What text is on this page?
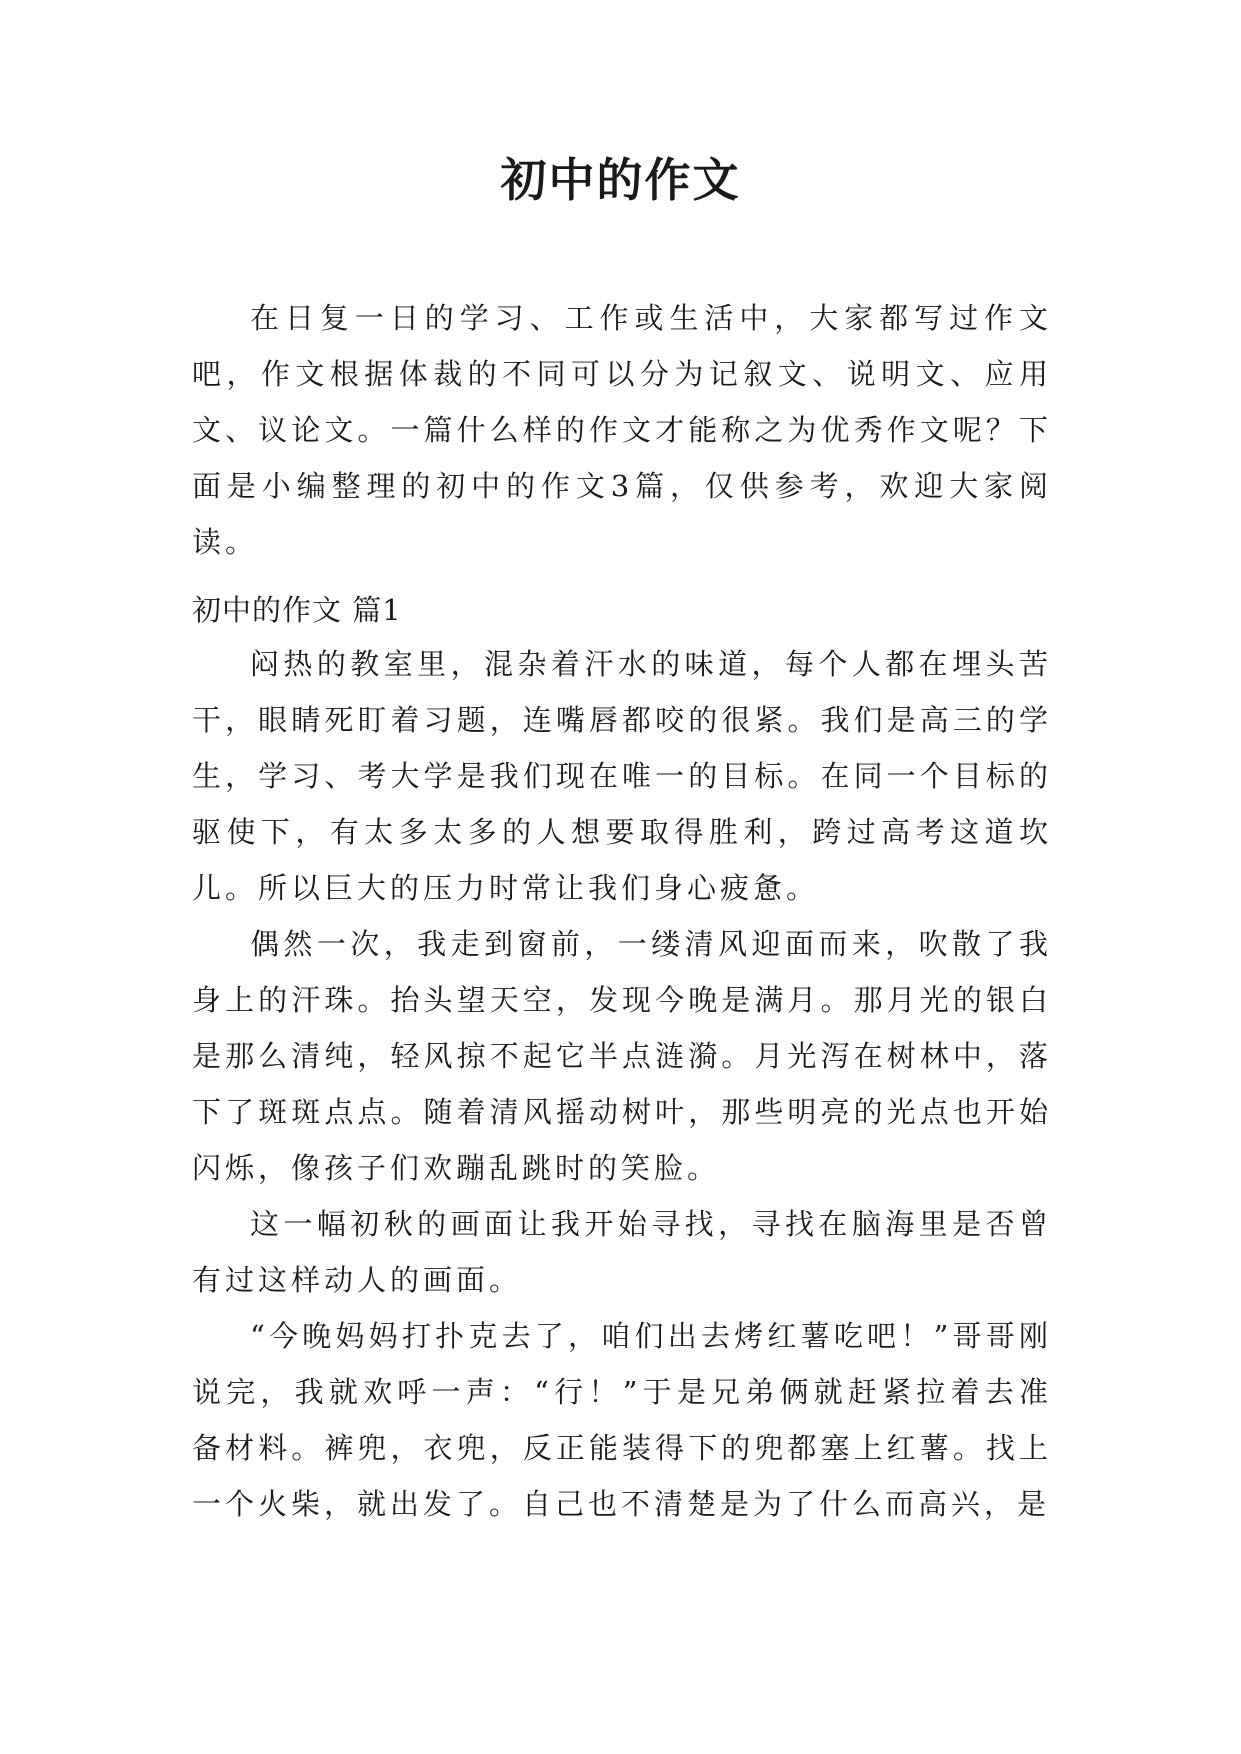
初中的作文

在日复一日的学习、工作或生活中，大家都写过作文吧，作文根据体裁的不同可以分为记叙文、说明文、应用文、议论文。一篇什么样的作文才能称之为优秀作文呢？下面是小编整理的初中的作文3篇，仅供参考，欢迎大家阅读。

初中的作文 篇1

闷热的教室里，混杂着汗水的味道，每个人都在埋头苦干，眼睛死盯着习题，连嘴唇都咬的很紧。我们是高三的学生，学习、考大学是我们现在唯一的目标。在同一个目标的驱使下，有太多太多的人想要取得胜利，跨过高考这道坎儿。所以巨大的压力时常让我们身心疲惫。

偶然一次，我走到窗前，一缕清风迎面而来，吹散了我身上的汗珠。抬头望天空，发现今晚是满月。那月光的银白是那么清纯，轻风掠不起它半点涟漪。月光泻在树林中，落下了斑斑点点。随着清风摇动树叶，那些明亮的光点也开始闪烁，像孩子们欢蹦乱跳时的笑脸。

这一幅初秋的画面让我开始寻找，寻找在脑海里是否曾有过这样动人的画面。

“今晚妈妈打扑克去了，咱们出去烤红薯吃吧！”哥哥刚说完，我就欢呼一声：“行！”于是兄弟俩就赶紧拉着去准备材料。裤兜，衣兜，反正能装得下的兜都塞上红薯。找上一个火柴，就出发了。自己也不清楚是为了什么而高兴，是
